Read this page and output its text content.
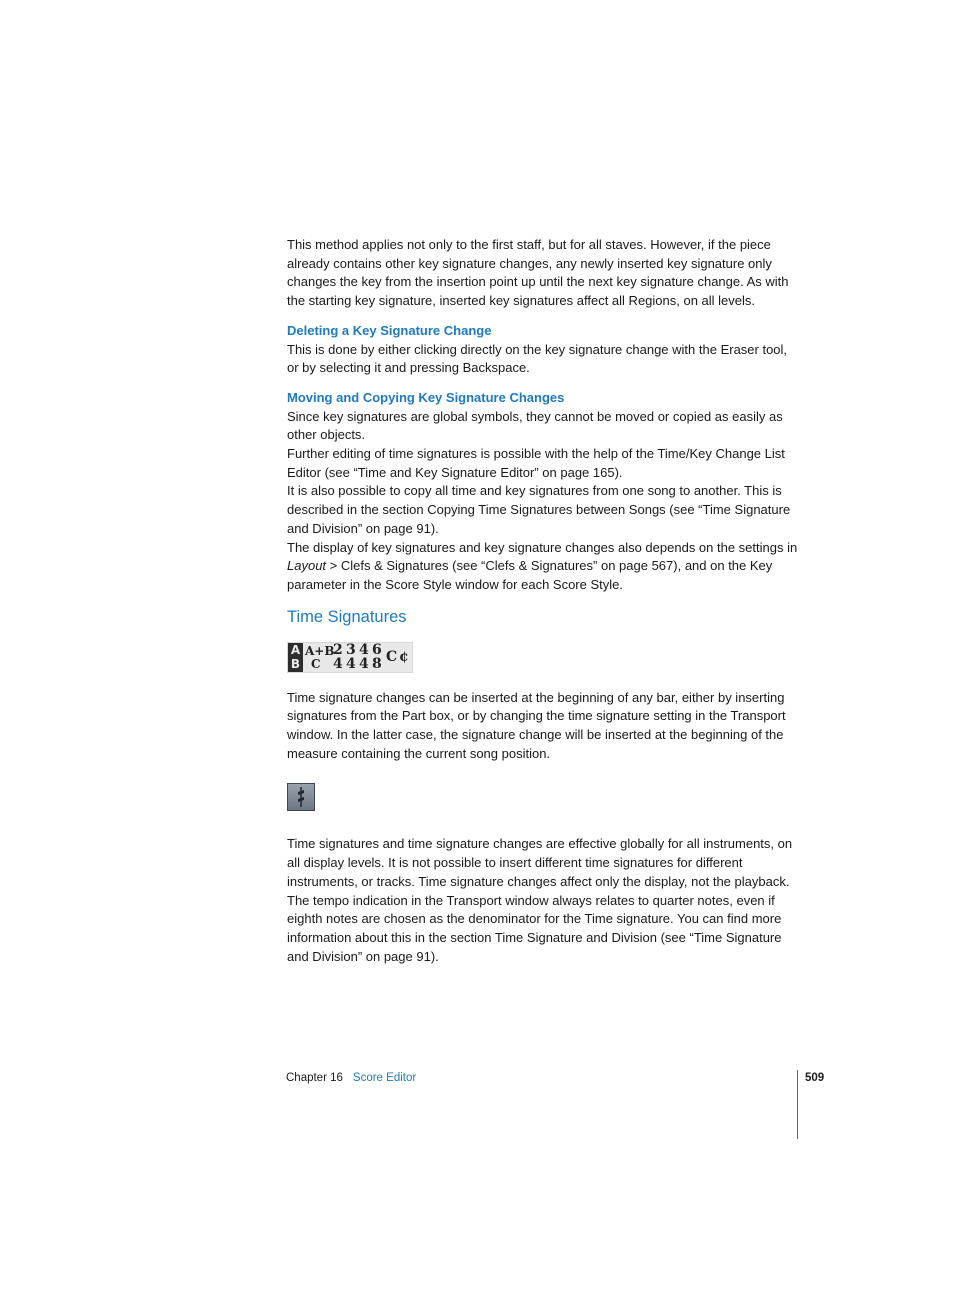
This method applies not only to the first staff, but for all staves. However, if the piece already contains other key signature changes, any newly inserted key signature only changes the key from the insertion point up until the next key signature change. As with the starting key signature, inserted key signatures affect all Regions, on all levels.

Deleting a Key Signature Change

This is done by either clicking directly on the key signature change with the Eraser tool, or by selecting it and pressing Backspace.

Moving and Copying Key Signature Changes

Since key signatures are global symbols, they cannot be moved or copied as easily as other objects.

Further editing of time signatures is possible with the help of the Time/Key Change List Editor (see “Time and Key Signature Editor” on page 165).

It is also possible to copy all time and key signatures from one song to another. This is described in the section Copying Time Signatures between Songs (see “Time Signature and Division” on page 91).

The display of key signatures and key signature changes also depends on the settings in Layout > Clefs & Signatures (see “Clefs & Signatures” on page 567), and on the Key parameter in the Score Style window for each Score Style.

Time Signatures
A
B
A+B
C
2
4
3
4
4
4
6
8 C ¢

Time signature changes can be inserted at the beginning of any bar, either by inserting signatures from the Part box, or by changing the time signature setting in the Transport window. In the latter case, the signature change will be inserted at the beginning of the measure containing the current song position.

Time signatures and time signature changes are effective globally for all instruments, on all display levels. It is not possible to insert different time signatures for different instruments, or tracks. Time signature changes affect only the display, not the playback. The tempo indication in the Transport window always relates to quarter notes, even if eighth notes are chosen as the denominator for the Time signature. You can find more information about this in the section Time Signature and Division (see “Time Signature and Division” on page 91).

Chapter 16 Score Editor	509
